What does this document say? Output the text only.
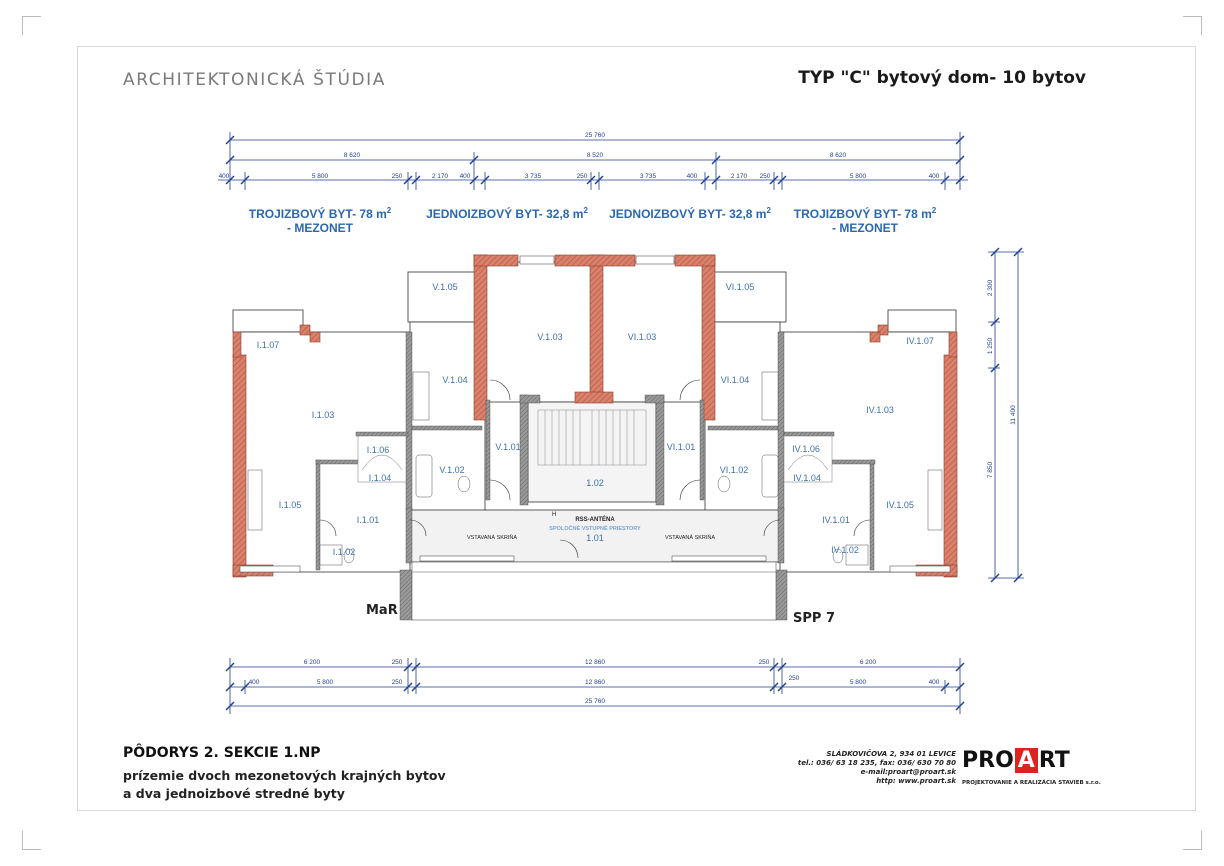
ARCHITEKTONICKÁ ŠTÚDIA	TYP "C" bytový dom- 10 bytov
TROJIZBOVÝ BYT- 78 $m^2$
- MEZONET
JEDNOIZBOVÝ BYT- 32,8 $m^2$	JEDNOIZBOVÝ BYT- 32,8 $m^2$	TROJIZBOVÝ BYT- 78 $m^2$
- MEZONET
25 760
8 620	8 520	8 620
400	5 800	250	2 170 400	3 735	250	3 735	400	2 170 250	5 800	400
2 300
1 250
11 400
7 850
I.1.07
I.1.03
I.1.06
I.1.04
I.1.05
I.1.01
I.1.02
V.1.05
V.1.04
V.1.03
V.1.02
V.1.01
VI.1.03
VI.1.05
VI.1.04
VI.1.01
VI.1.02
1.02
1.01
IV.1.07
IV.1.03
IV.1.06
IV.1.04
IV.1.05
IV.1.01
IV.1.02
RSS-ANTÉNA
SPOLOČNÉ VSTUPNÉ PRIESTORY
VSTAVANÁ SKRIŇA	VSTAVANÁ SKRIŇA
H
MaR
SPP 7
6 200	250	12 860	250	6 200
400	5 800	250	12 860
250
5 800	400
25 760
PÔDORYS 2. SEKCIE 1.NP
prízemie dvoch mezonetových krajných bytov
a dva jednoizbové stredné byty
SLÁDKOVIČOVA 2, 934 01 LEVICE
tel.: 036/ 63 18 235, fax: 036/ 630 70 80
e-mail:proart@proart.sk
http: www.proart.sk
PRO A RT
PROJEKTOVANIE A REALIZÁCIA STAVIEB s.r.o.
